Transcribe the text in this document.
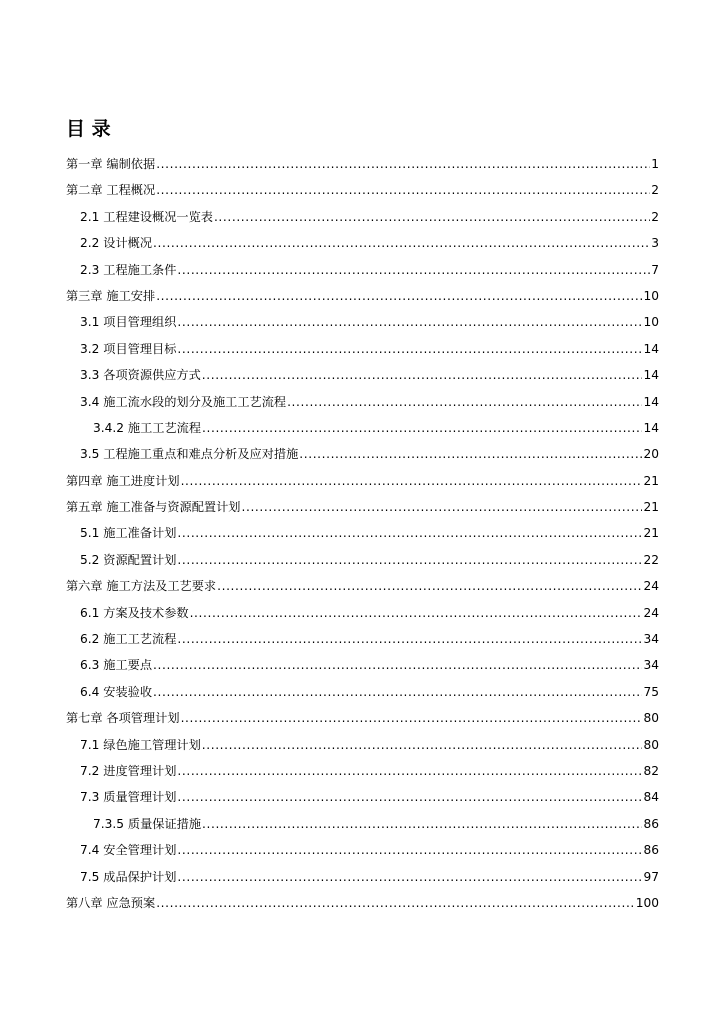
目 录
第一章 编制依据 .....	1
第二章 工程概况 .....	2
2.1 工程建设概况一览表 .....	2
2.2 设计概况 .....	3
2.3 工程施工条件 .....	7
第三章 施工安排 .....	10
3.1 项目管理组织 .....	10
3.2 项目管理目标 .....	14
3.3 各项资源供应方式 .....	14
3.4 施工流水段的划分及施工工艺流程 .....	14
3.4.2 施工工艺流程 .....	14
3.5 工程施工重点和难点分析及应对措施 .....	20
第四章 施工进度计划 .....	21
第五章 施工准备与资源配置计划 .....	21
5.1 施工准备计划 .....	21
5.2 资源配置计划 .....	22
第六章 施工方法及工艺要求 .....	24
6.1 方案及技术参数 .....	24
6.2 施工工艺流程 .....	34
6.3 施工要点 .....	34
6.4 安装验收 .....	75
第七章 各项管理计划 .....	80
7.1 绿色施工管理计划 .....	80
7.2 进度管理计划 .....	82
7.3 质量管理计划 .....	84
7.3.5 质量保证措施 .....	86
7.4 安全管理计划 .....	86
7.5 成品保护计划 .....	97
第八章 应急预案 .....	100
